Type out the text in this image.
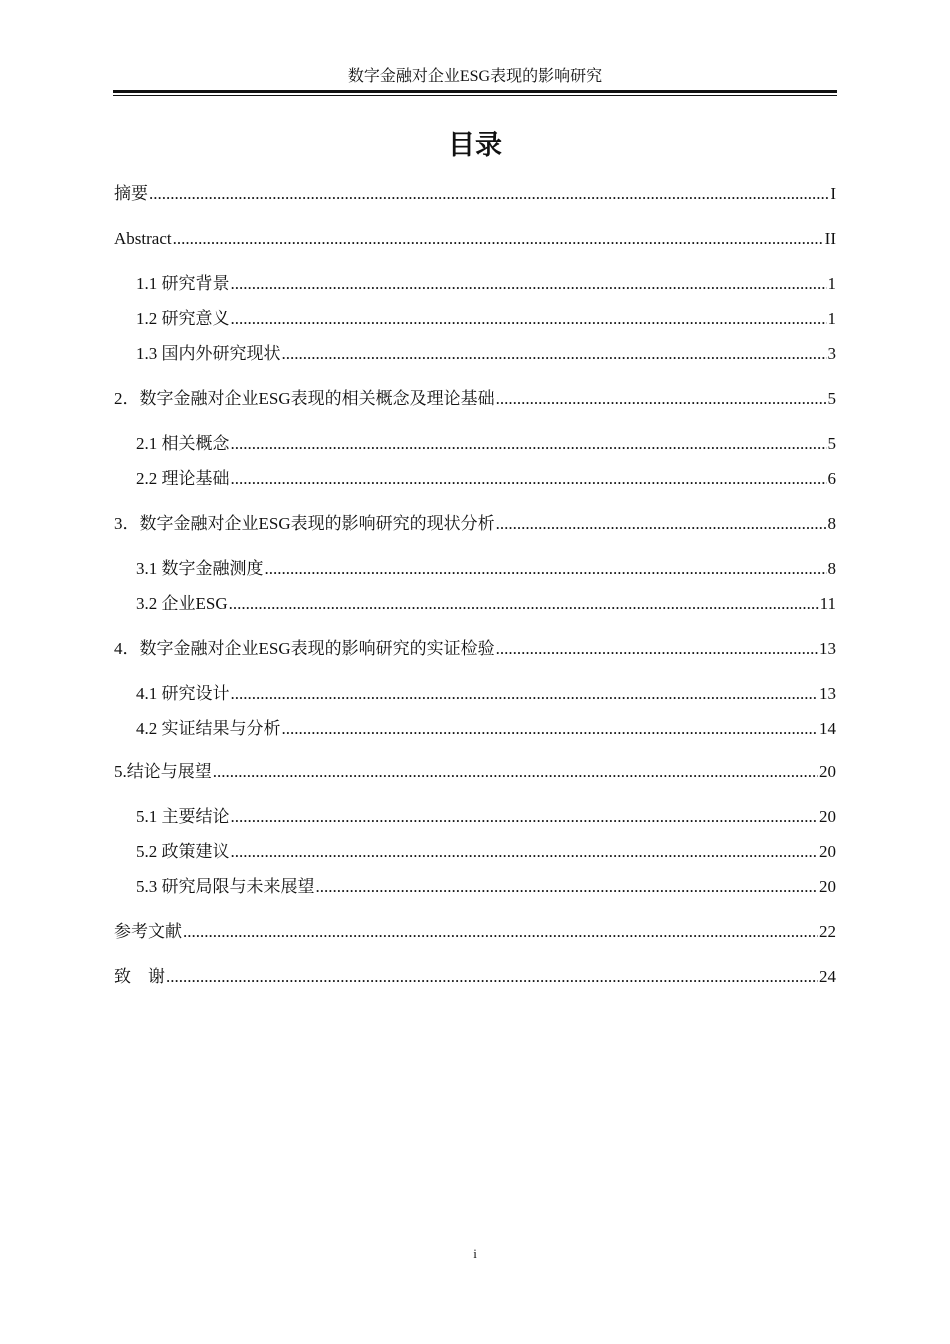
数字金融对企业ESG表现的影响研究
目录
摘要 .....	I
Abstract .....	II
1.1 研究背景 .....	1
1.2 研究意义 .....	1
1.3 国内外研究现状 .....	3
2．数字金融对企业ESG表现的相关概念及理论基础 .....	5
2.1 相关概念 .....	5
2.2 理论基础 .....	6
3．数字金融对企业ESG表现的影响研究的现状分析 .....	8
3.1 数字金融测度 .....	8
3.2 企业ESG .....	11
4．数字金融对企业ESG表现的影响研究的实证检验 .....	13
4.1 研究设计 .....	13
4.2 实证结果与分析 .....	14
5.结论与展望 .....	20
5.1 主要结论 .....	20
5.2 政策建议 .....	20
5.3 研究局限与未来展望 .....	20
参考文献 .....	22
致　谢 .....	24
i
